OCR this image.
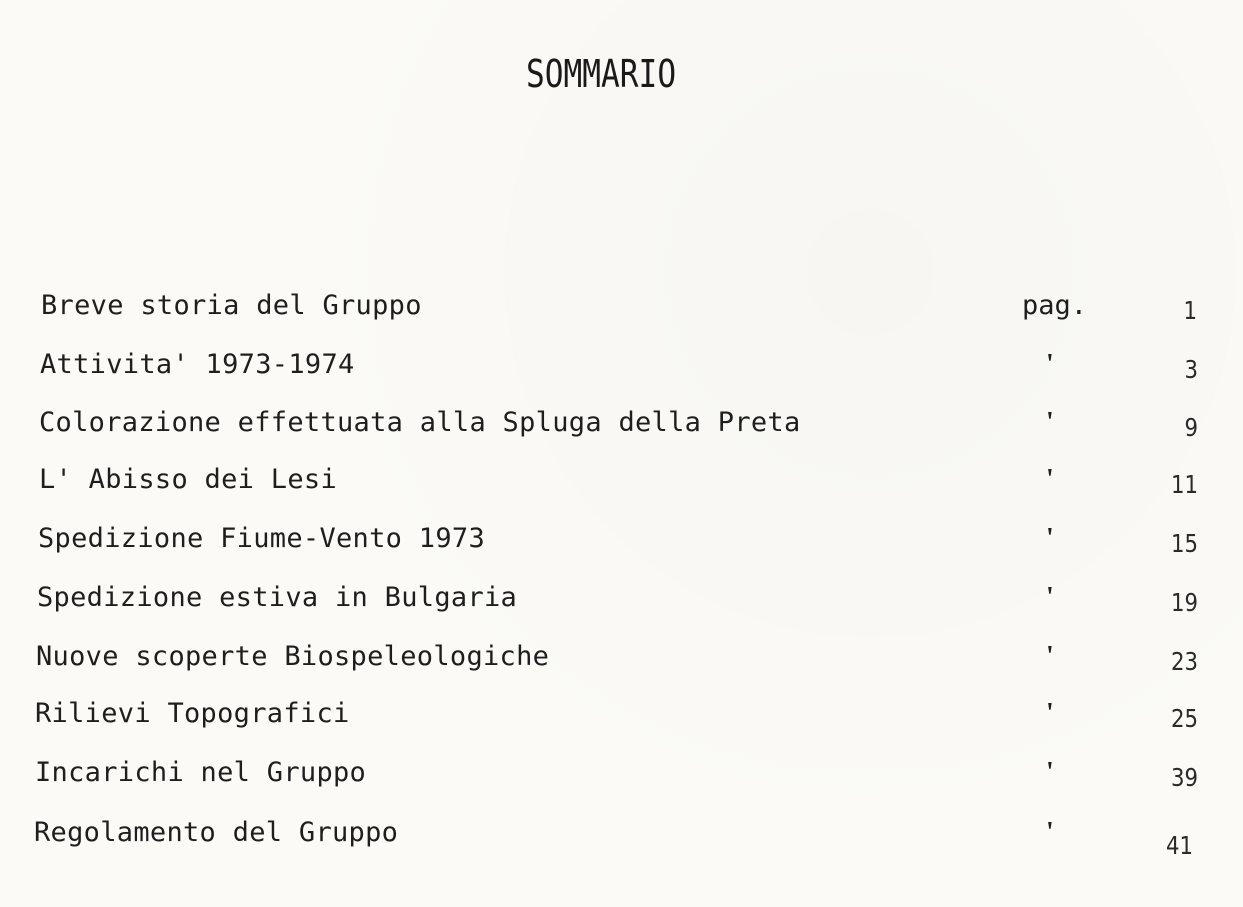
SOMMARIO
Breve storia del Gruppo	pag.	1
Attivita' 1973-1974	'	3
Colorazione effettuata alla Spluga della Preta	'	9
L' Abisso dei Lesi	'	11
Spedizione Fiume-Vento 1973	'	15
Spedizione estiva in Bulgaria	'	19
Nuove scoperte Biospeleologiche	'	23
Rilievi Topografici	'	25
Incarichi nel Gruppo	'	39
Regolamento del Gruppo	'	41
